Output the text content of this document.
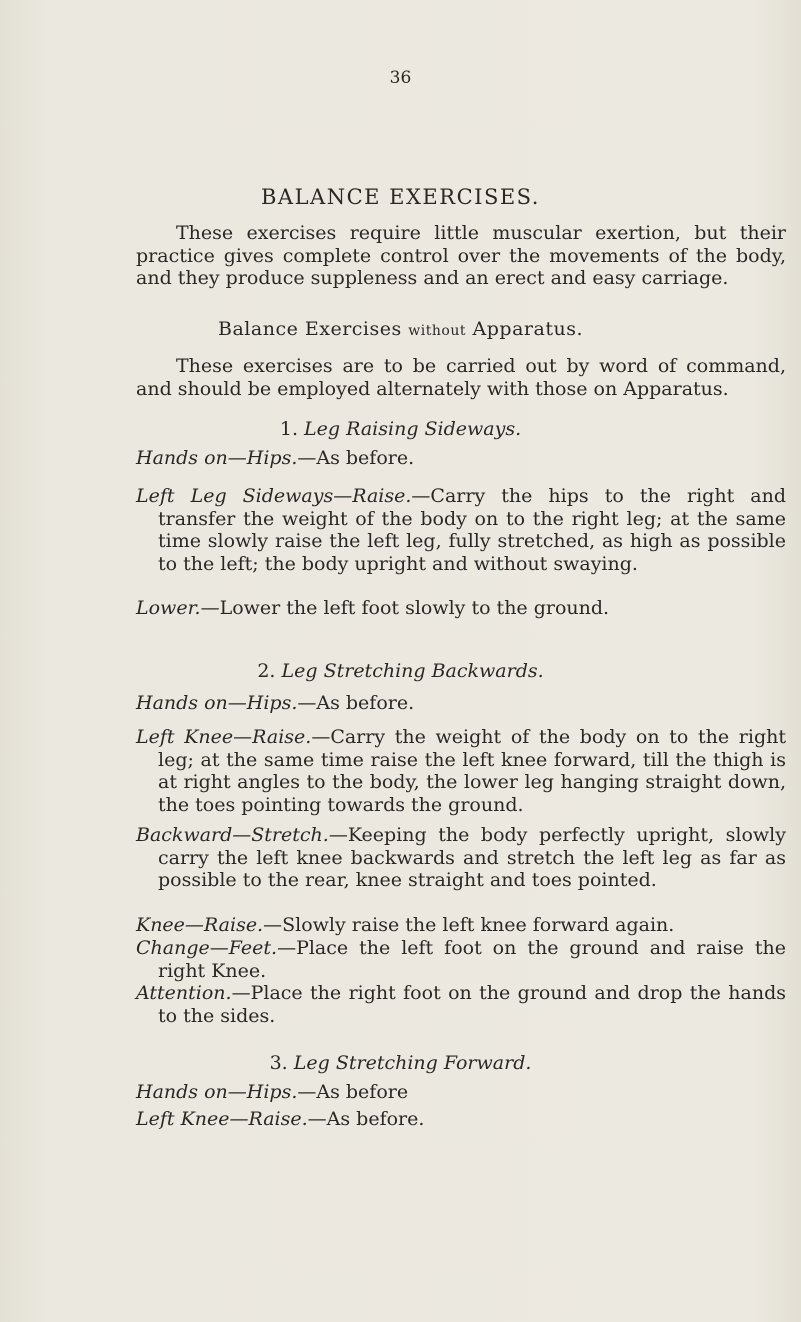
36
BALANCE EXERCISES.

These exercises require little muscular exertion, but their practice gives complete control over the movements of the body, and they produce suppleness and an erect and easy carriage.

Balance Exercises without Apparatus.

These exercises are to be carried out by word of command, and should be employed alternately with those on Apparatus.

1. Leg Raising Sideways.

Hands on—Hips.—As before.

Left Leg Sideways—Raise.—Carry the hips to the right and transfer the weight of the body on to the right leg; at the same time slowly raise the left leg, fully stretched, as high as possible to the left; the body upright and without swaying.

Lower.—Lower the left foot slowly to the ground.

2. Leg Stretching Backwards.

Hands on—Hips.—As before.

Left Knee—Raise.—Carry the weight of the body on to the right leg; at the same time raise the left knee forward, till the thigh is at right angles to the body, the lower leg hanging straight down, the toes pointing towards the ground.

Backward—Stretch.—Keeping the body perfectly upright, slowly carry the left knee backwards and stretch the left leg as far as possible to the rear, knee straight and toes pointed.

Knee—Raise.—Slowly raise the left knee forward again.

Change—Feet.—Place the left foot on the ground and raise the right Knee.

Attention.—Place the right foot on the ground and drop the hands to the sides.

3. Leg Stretching Forward.

Hands on—Hips.—As before

Left Knee—Raise.—As before.
